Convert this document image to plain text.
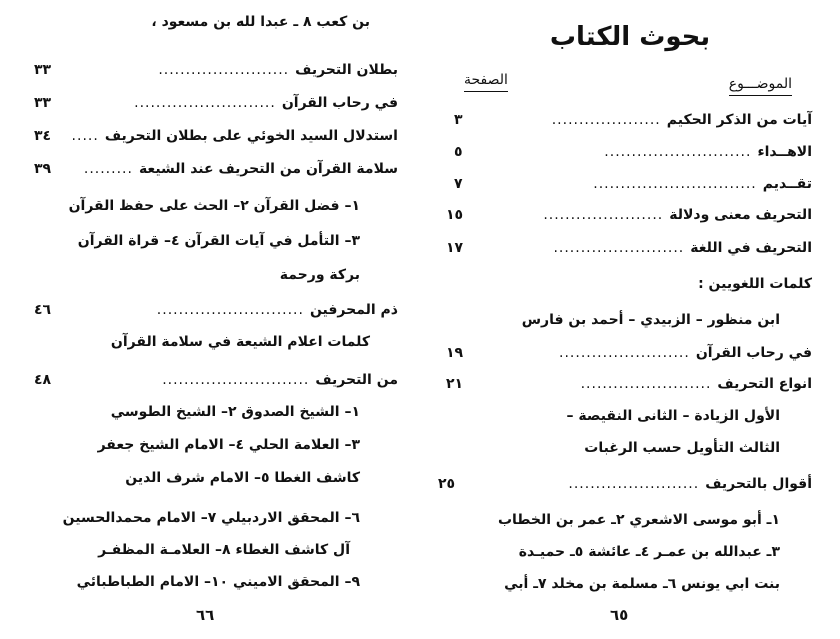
بحوث الكتاب
الموضـــوع
الصفحة
آيات من الذكر الحكيم....................
٣
الاهــداء...........................
٥
تقــديم..............................
٧
التحريف معنى ودلالة......................
١٥
التحريف في اللغة........................
١٧
كلمات اللغويين :
ابن منظور – الزبيدي – أحمد بن فارس
في رحاب القرآن........................
١٩
انواع التحريف........................
٢١
الأول الزيادة – الثانى النقيصة –
الثالث التأويل حسب الرغبات
أقوال بالتحريف........................
٢٥
١ـ أبو موسى الاشعري ٢ـ عمر بن الخطاب
٣ـ عبدالله بن عمـر ٤ـ عائشة ٥ـ حميـدة
بنت ابي يونس ٦ـ مسلمة بن مخلد ٧ـ أبي
٦٥
بن كعب ٨ ـ عبدا لله بن مسعود ،
بطلان التحريف........................
٣٣
في رحاب القرآن..........................
٣٣
استدلال السيد الخوئي على بطلان التحريف.....
٣٤
سلامة القرآن من التحريف عند الشيعة.........
٣٩
١– فضل القرآن ٢– الحث على حفظ القرآن
٣– التأمل في آيات القرآن ٤– قراة القرآن
بركة ورحمة
ذم المحرفين...........................
٤٦
كلمات اعلام الشيعة في سلامة القرآن
من التحريف...........................
٤٨
١– الشيخ الصدوق ٢– الشيخ الطوسي
٣– العلامة الحلي ٤– الامام الشيخ جعفر
كاشف الغطا ٥– الامام شرف الدين
٦– المحقق الاردبيلي ٧– الامام محمدالحسين
آل كاشف الغطاء ٨– العلامـة المظفـر
٩– المحقق الاميني ١٠– الامام الطباطبائي
٦٦
